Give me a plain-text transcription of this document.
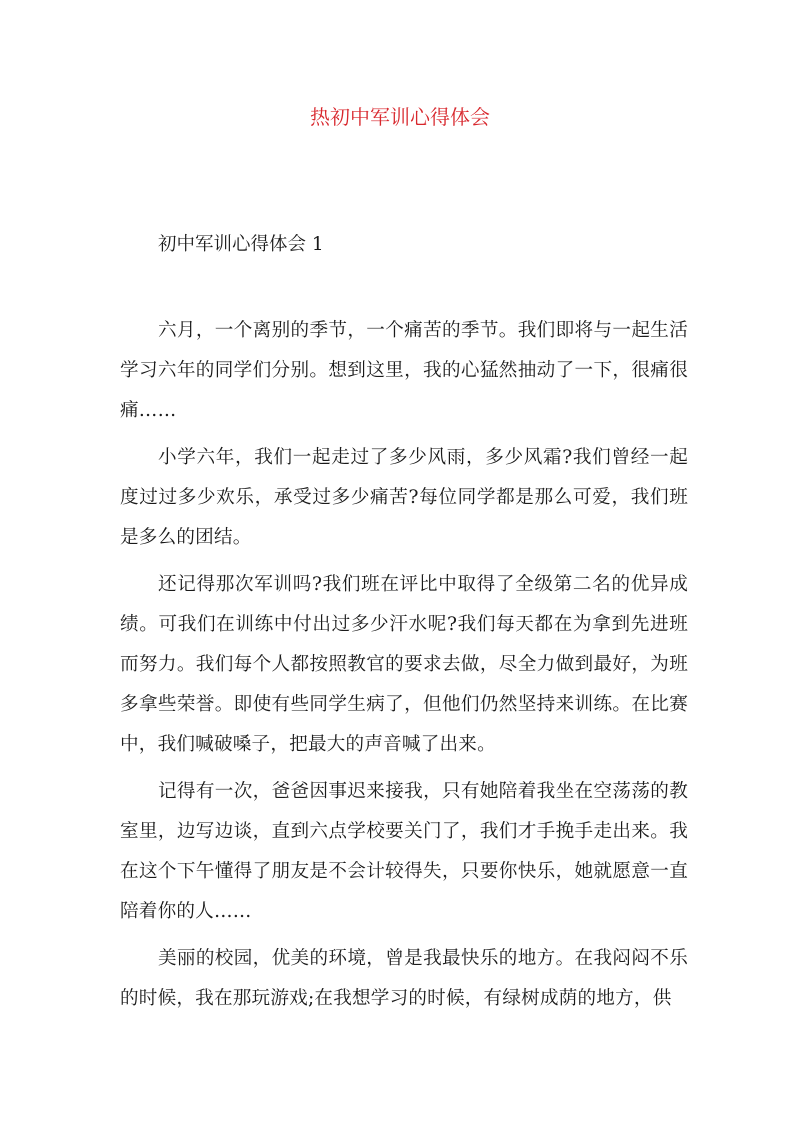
热初中军训心得体会
初中军训心得体会 1

六月，一个离别的季节，一个痛苦的季节。我们即将与一起生活学习六年的同学们分别。想到这里，我的心猛然抽动了一下，很痛很痛……

小学六年，我们一起走过了多少风雨，多少风霜?我们曾经一起度过过多少欢乐，承受过多少痛苦?每位同学都是那么可爱，我们班是多么的团结。

还记得那次军训吗?我们班在评比中取得了全级第二名的优异成绩。可我们在训练中付出过多少汗水呢?我们每天都在为拿到先进班而努力。我们每个人都按照教官的要求去做，尽全力做到最好，为班多拿些荣誉。即使有些同学生病了，但他们仍然坚持来训练。在比赛中，我们喊破嗓子，把最大的声音喊了出来。

记得有一次，爸爸因事迟来接我，只有她陪着我坐在空荡荡的教室里，边写边谈，直到六点学校要关门了，我们才手挽手走出来。我在这个下午懂得了朋友是不会计较得失，只要你快乐，她就愿意一直陪着你的人……

美丽的校园，优美的环境，曾是我最快乐的地方。在我闷闷不乐的时候，我在那玩游戏;在我想学习的时候，有绿树成荫的地方，供
